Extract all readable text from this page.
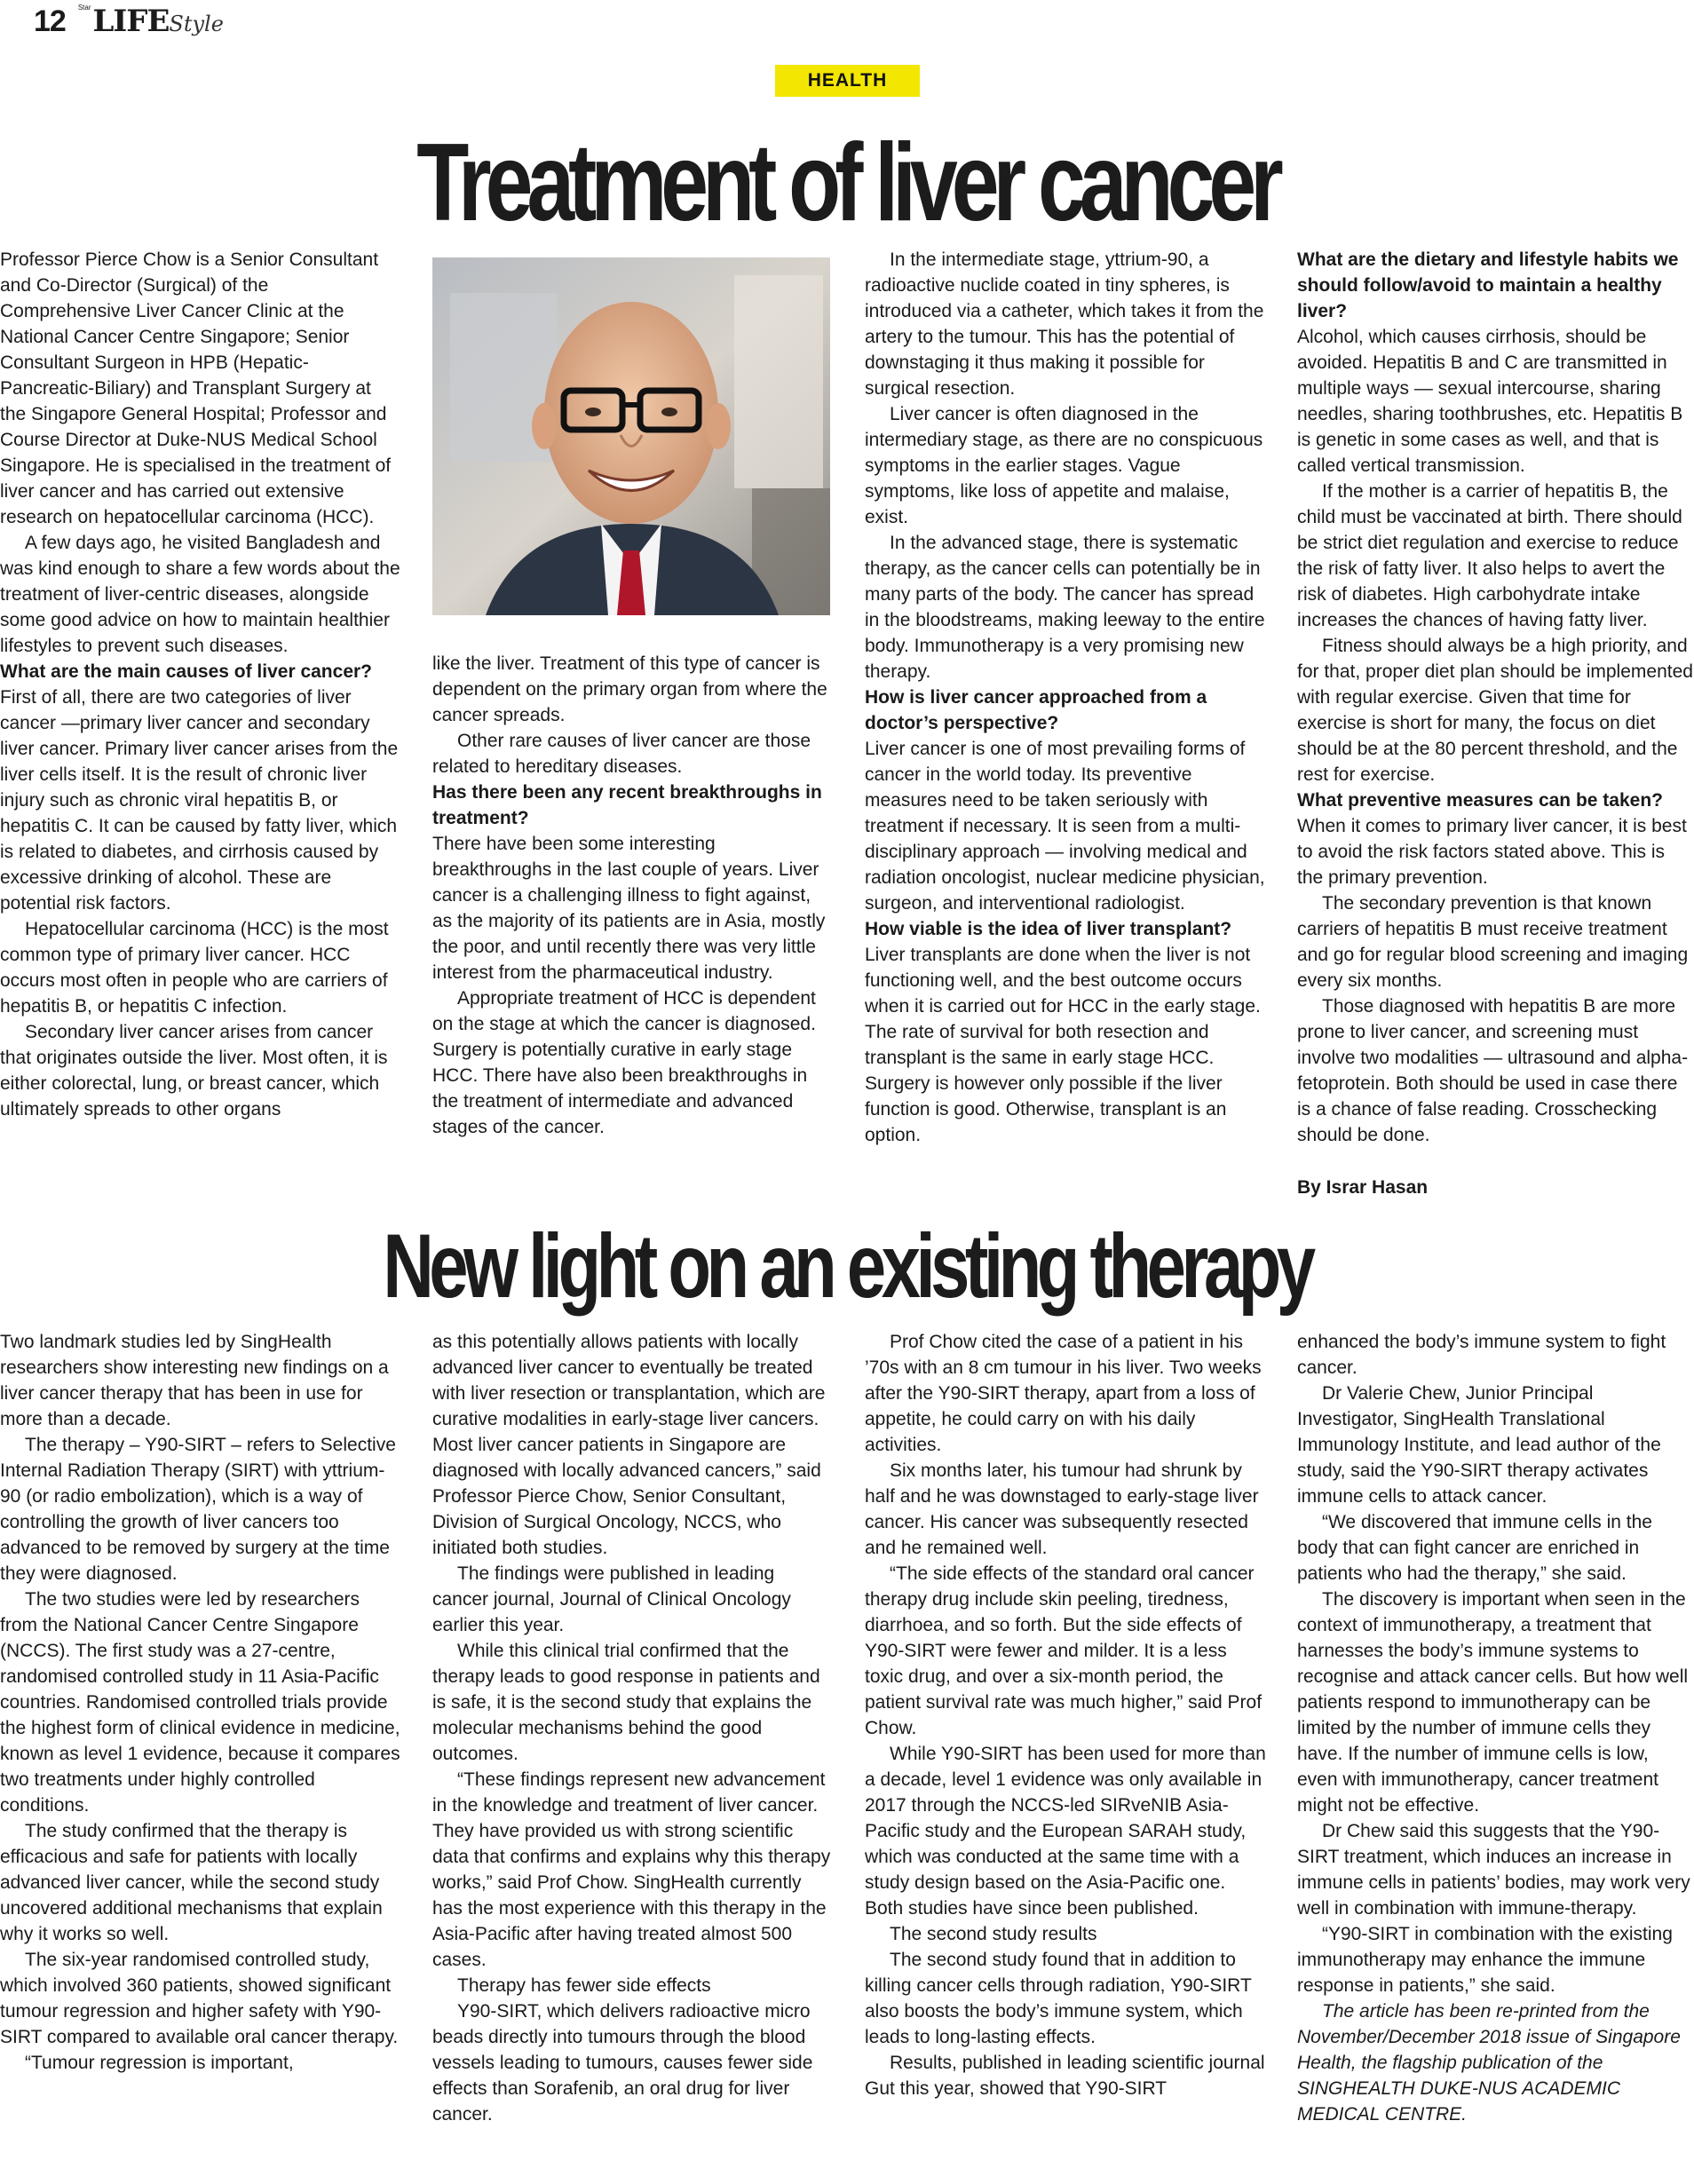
12 $^{Star}$LIFEStyle
HEALTH
Treatment of liver cancer

Professor Pierce Chow is a Senior Consultant and Co-Director (Surgical) of the Comprehensive Liver Cancer Clinic at the National Cancer Centre Singapore; Senior Consultant Surgeon in HPB (Hepatic-Pancreatic-Biliary) and Transplant Surgery at the Singapore General Hospital; Professor and Course Director at Duke-NUS Medical School Singapore. He is specialised in the treatment of liver cancer and has carried out extensive research on hepatocellular carcinoma (HCC).

A few days ago, he visited Bangladesh and was kind enough to share a few words about the treatment of liver-centric diseases, alongside some good advice on how to maintain healthier lifestyles to prevent such diseases.

What are the main causes of liver cancer?

First of all, there are two categories of liver cancer —primary liver cancer and secondary liver cancer. Primary liver cancer arises from the liver cells itself. It is the result of chronic liver injury such as chronic viral hepatitis B, or hepatitis C. It can be caused by fatty liver, which is related to diabetes, and cirrhosis caused by excessive drinking of alcohol. These are potential risk factors.

Hepatocellular carcinoma (HCC) is the most common type of primary liver cancer. HCC occurs most often in people who are carriers of hepatitis B, or hepatitis C infection.

Secondary liver cancer arises from cancer that originates outside the liver. Most often, it is either colorectal, lung, or breast cancer, which ultimately spreads to other organs

like the liver. Treatment of this type of cancer is dependent on the primary organ from where the cancer spreads.

Other rare causes of liver cancer are those related to hereditary diseases.

Has there been any recent breakthroughs in treatment?

There have been some interesting breakthroughs in the last couple of years. Liver cancer is a challenging illness to fight against, as the majority of its patients are in Asia, mostly the poor, and until recently there was very little interest from the pharmaceutical industry.

Appropriate treatment of HCC is dependent on the stage at which the cancer is diagnosed. Surgery is potentially curative in early stage HCC. There have also been breakthroughs in the treatment of intermediate and advanced stages of the cancer.

In the intermediate stage, yttrium-90, a radioactive nuclide coated in tiny spheres, is introduced via a catheter, which takes it from the artery to the tumour. This has the potential of downstaging it thus making it possible for surgical resection.

Liver cancer is often diagnosed in the intermediary stage, as there are no conspicuous symptoms in the earlier stages. Vague symptoms, like loss of appetite and malaise, exist.

In the advanced stage, there is systematic therapy, as the cancer cells can potentially be in many parts of the body. The cancer has spread in the bloodstreams, making leeway to the entire body. Immunotherapy is a very promising new therapy.

How is liver cancer approached from a doctor’s perspective?

Liver cancer is one of most prevailing forms of cancer in the world today. Its preventive measures need to be taken seriously with treatment if necessary. It is seen from a multi-disciplinary approach — involving medical and radiation oncologist, nuclear medicine physician, surgeon, and interventional radiologist.

How viable is the idea of liver transplant?

Liver transplants are done when the liver is not functioning well, and the best outcome occurs when it is carried out for HCC in the early stage. The rate of survival for both resection and transplant is the same in early stage HCC. Surgery is however only possible if the liver function is good. Otherwise, transplant is an option.

What are the dietary and lifestyle habits we should follow/avoid to maintain a healthy liver?

Alcohol, which causes cirrhosis, should be avoided. Hepatitis B and C are transmitted in multiple ways — sexual intercourse, sharing needles, sharing toothbrushes, etc. Hepatitis B is genetic in some cases as well, and that is called vertical transmission.

If the mother is a carrier of hepatitis B, the child must be vaccinated at birth. There should be strict diet regulation and exercise to reduce the risk of fatty liver. It also helps to avert the risk of diabetes. High carbohydrate intake increases the chances of having fatty liver.

Fitness should always be a high priority, and for that, proper diet plan should be implemented with regular exercise. Given that time for exercise is short for many, the focus on diet should be at the 80 percent threshold, and the rest for exercise.

What preventive measures can be taken?

When it comes to primary liver cancer, it is best to avoid the risk factors stated above. This is the primary prevention.

The secondary prevention is that known carriers of hepatitis B must receive treatment and go for regular blood screening and imaging every six months.

Those diagnosed with hepatitis B are more prone to liver cancer, and screening must involve two modalities — ultrasound and alpha-fetoprotein. Both should be used in case there is a chance of false reading. Crosschecking should be done.

By Israr Hasan

New light on an existing therapy

Two landmark studies led by SingHealth researchers show interesting new findings on a liver cancer therapy that has been in use for more than a decade.

The therapy – Y90-SIRT – refers to Selective Internal Radiation Therapy (SIRT) with yttrium-90 (or radio embolization), which is a way of controlling the growth of liver cancers too advanced to be removed by surgery at the time they were diagnosed.

The two studies were led by researchers from the National Cancer Centre Singapore (NCCS). The first study was a 27-centre, randomised controlled study in 11 Asia-Pacific countries. Randomised controlled trials provide the highest form of clinical evidence in medicine, known as level 1 evidence, because it compares two treatments under highly controlled conditions.

The study confirmed that the therapy is efficacious and safe for patients with locally advanced liver cancer, while the second study uncovered additional mechanisms that explain why it works so well.

The six-year randomised controlled study, which involved 360 patients, showed significant tumour regression and higher safety with Y90-SIRT compared to available oral cancer therapy.

“Tumour regression is important,

as this potentially allows patients with locally advanced liver cancer to eventually be treated with liver resection or transplantation, which are curative modalities in early-stage liver cancers. Most liver cancer patients in Singapore are diagnosed with locally advanced cancers,” said Professor Pierce Chow, Senior Consultant, Division of Surgical Oncology, NCCS, who initiated both studies.

The findings were published in leading cancer journal, Journal of Clinical Oncology earlier this year.

While this clinical trial confirmed that the therapy leads to good response in patients and is safe, it is the second study that explains the molecular mechanisms behind the good outcomes.

“These findings represent new advancement in the knowledge and treatment of liver cancer. They have provided us with strong scientific data that confirms and explains why this therapy works,” said Prof Chow. SingHealth currently has the most experience with this therapy in the Asia-Pacific after having treated almost 500 cases.

Therapy has fewer side effects

Y90-SIRT, which delivers radioactive micro beads directly into tumours through the blood vessels leading to tumours, causes fewer side effects than Sorafenib, an oral drug for liver cancer.

Prof Chow cited the case of a patient in his ’70s with an 8 cm tumour in his liver. Two weeks after the Y90-SIRT therapy, apart from a loss of appetite, he could carry on with his daily activities.

Six months later, his tumour had shrunk by half and he was downstaged to early-stage liver cancer. His cancer was subsequently resected and he remained well.

“The side effects of the standard oral cancer therapy drug include skin peeling, tiredness, diarrhoea, and so forth. But the side effects of Y90-SIRT were fewer and milder. It is a less toxic drug, and over a six-month period, the patient survival rate was much higher,” said Prof Chow.

While Y90-SIRT has been used for more than a decade, level 1 evidence was only available in 2017 through the NCCS-led SIRveNIB Asia-Pacific study and the European SARAH study, which was conducted at the same time with a study design based on the Asia-Pacific one. Both studies have since been published.

The second study results

The second study found that in addition to killing cancer cells through radiation, Y90-SIRT also boosts the body’s immune system, which leads to long-lasting effects.

Results, published in leading scientific journal Gut this year, showed that Y90-SIRT

enhanced the body’s immune system to fight cancer.

Dr Valerie Chew, Junior Principal Investigator, SingHealth Translational Immunology Institute, and lead author of the study, said the Y90-SIRT therapy activates immune cells to attack cancer.

“We discovered that immune cells in the body that can fight cancer are enriched in patients who had the therapy,” she said.

The discovery is important when seen in the context of immunotherapy, a treatment that harnesses the body’s immune systems to recognise and attack cancer cells. But how well patients respond to immunotherapy can be limited by the number of immune cells they have. If the number of immune cells is low, even with immunotherapy, cancer treatment might not be effective.

Dr Chew said this suggests that the Y90-SIRT treatment, which induces an increase in immune cells in patients’ bodies, may work very well in combination with immune-therapy.

“Y90-SIRT in combination with the existing immunotherapy may enhance the immune response in patients,” she said.

The article has been re-printed from the November/December 2018 issue of Singapore Health, the flagship publication of the SINGHEALTH DUKE-NUS ACADEMIC MEDICAL CENTRE.
